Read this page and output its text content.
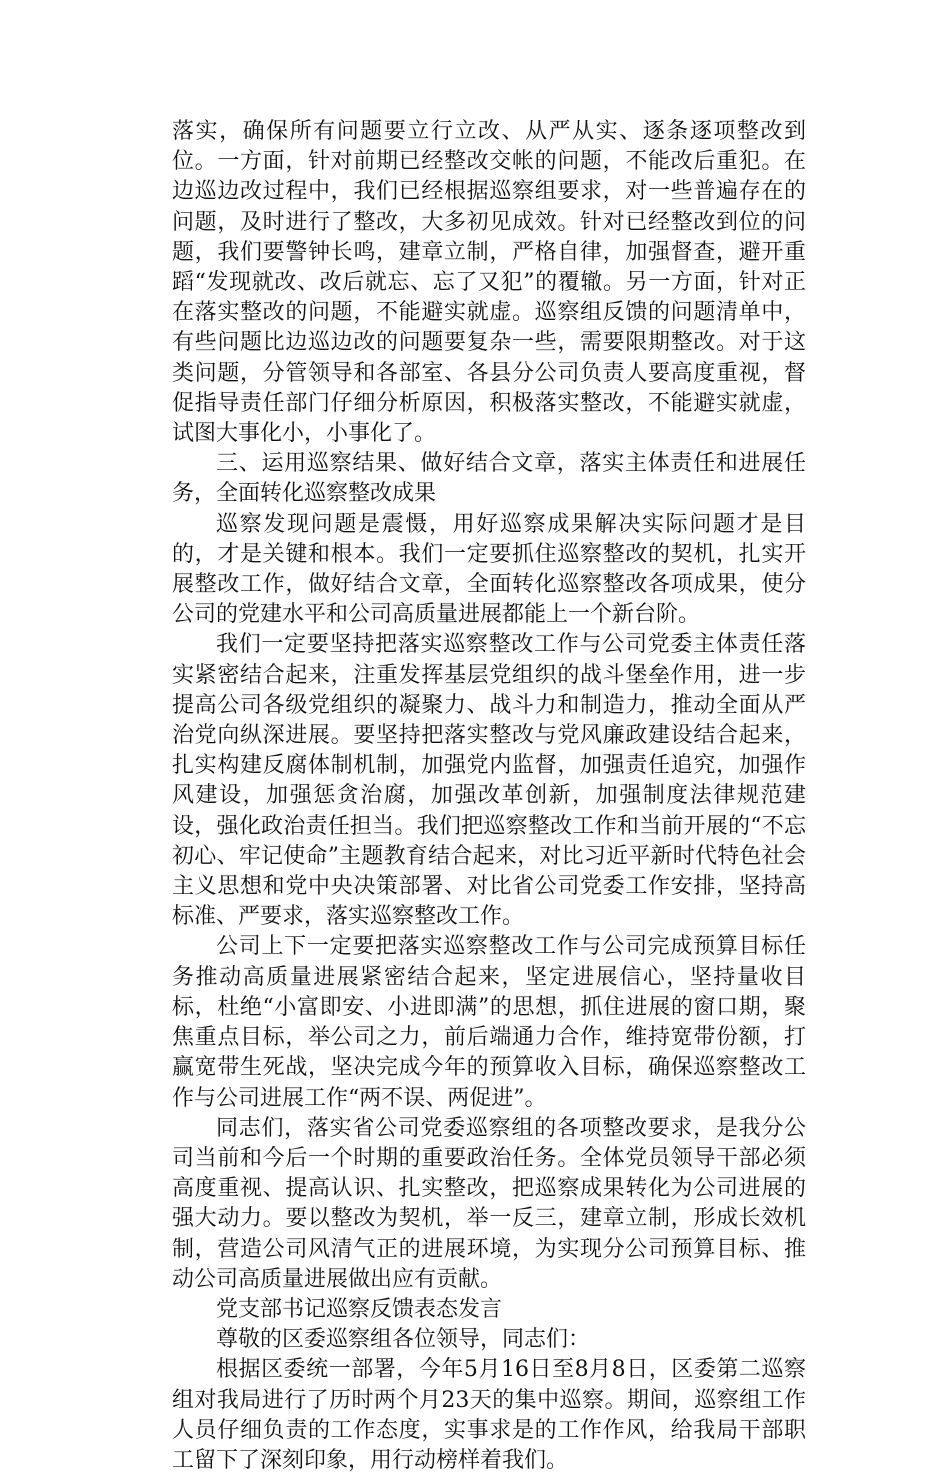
落实，确保所有问题要立行立改、从严从实、逐条逐项整改到位。一方面，针对前期已经整改交帐的问题，不能改后重犯。在边巡边改过程中，我们已经根据巡察组要求，对一些普遍存在的问题，及时进行了整改，大多初见成效。针对已经整改到位的问题，我们要警钟长鸣，建章立制，严格自律，加强督查，避开重蹈“发现就改、改后就忘、忘了又犯”的覆辙。另一方面，针对正在落实整改的问题，不能避实就虚。巡察组反馈的问题清单中，有些问题比边巡边改的问题要复杂一些，需要限期整改。对于这类问题，分管领导和各部室、各县分公司负责人要高度重视，督促指导责任部门仔细分析原因，积极落实整改，不能避实就虚，试图大事化小，小事化了。

三、运用巡察结果、做好结合文章，落实主体责任和进展任务，全面转化巡察整改成果

巡察发现问题是震慑，用好巡察成果解决实际问题才是目的，才是关键和根本。我们一定要抓住巡察整改的契机，扎实开展整改工作，做好结合文章，全面转化巡察整改各项成果，使分公司的党建水平和公司高质量进展都能上一个新台阶。

我们一定要坚持把落实巡察整改工作与公司党委主体责任落实紧密结合起来，注重发挥基层党组织的战斗堡垒作用，进一步提高公司各级党组织的凝聚力、战斗力和制造力，推动全面从严治党向纵深进展。要坚持把落实整改与党风廉政建设结合起来，扎实构建反腐体制机制，加强党内监督，加强责任追究，加强作风建设，加强惩贪治腐，加强改革创新，加强制度法律规范建设，强化政治责任担当。我们把巡察整改工作和当前开展的“不忘初心、牢记使命”主题教育结合起来，对比习近平新时代特色社会主义思想和党中央决策部署、对比省公司党委工作安排，坚持高标准、严要求，落实巡察整改工作。

公司上下一定要把落实巡察整改工作与公司完成预算目标任务推动高质量进展紧密结合起来，坚定进展信心，坚持量收目标，杜绝“小富即安、小进即满”的思想，抓住进展的窗口期，聚焦重点目标，举公司之力，前后端通力合作，维持宽带份额，打赢宽带生死战，坚决完成今年的预算收入目标，确保巡察整改工作与公司进展工作“两不误、两促进”。

同志们，落实省公司党委巡察组的各项整改要求，是我分公司当前和今后一个时期的重要政治任务。全体党员领导干部必须高度重视、提高认识、扎实整改，把巡察成果转化为公司进展的强大动力。要以整改为契机，举一反三，建章立制，形成长效机制，营造公司风清气正的进展环境，为实现分公司预算目标、推动公司高质量进展做出应有贡献。

党支部书记巡察反馈表态发言

尊敬的区委巡察组各位领导，同志们：

根据区委统一部署，今年5月16日至8月8日，区委第二巡察组对我局进行了历时两个月23天的集中巡察。期间，巡察组工作人员仔细负责的工作态度，实事求是的工作作风，给我局干部职工留下了深刻印象，用行动榜样着我们。
